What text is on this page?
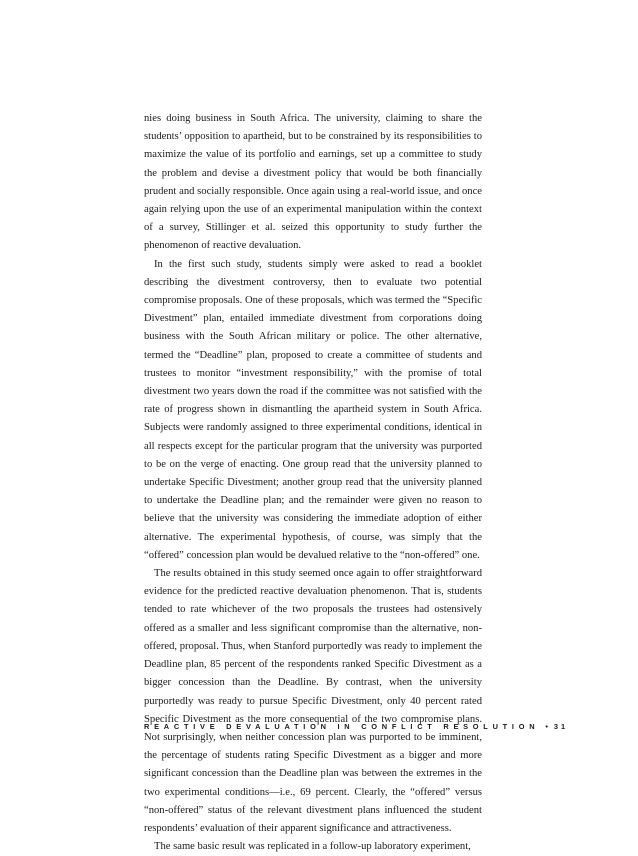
nies doing business in South Africa. The university, claiming to share the students’ opposition to apartheid, but to be constrained by its responsibilities to maximize the value of its portfolio and earnings, set up a committee to study the problem and devise a divestment policy that would be both financially prudent and socially responsible. Once again using a real-world issue, and once again relying upon the use of an experimental manipulation within the context of a survey, Stillinger et al. seized this opportunity to study further the phenomenon of reactive devaluation.

In the first such study, students simply were asked to read a booklet describing the divestment controversy, then to evaluate two potential compromise proposals. One of these proposals, which was termed the “Specific Divestment” plan, entailed immediate divestment from corporations doing business with the South African military or police. The other alternative, termed the “Deadline” plan, proposed to create a committee of students and trustees to monitor “investment responsibility,” with the promise of total divestment two years down the road if the committee was not satisfied with the rate of progress shown in dismantling the apartheid system in South Africa. Subjects were randomly assigned to three experimental conditions, identical in all respects except for the particular program that the university was purported to be on the verge of enacting. One group read that the university planned to undertake Specific Divestment; another group read that the university planned to undertake the Deadline plan; and the remainder were given no reason to believe that the university was considering the immediate adoption of either alternative. The experimental hypothesis, of course, was simply that the “offered” concession plan would be devalued relative to the “non-offered” one.

The results obtained in this study seemed once again to offer straightforward evidence for the predicted reactive devaluation phenomenon. That is, students tended to rate whichever of the two proposals the trustees had ostensively offered as a smaller and less significant compromise than the alternative, non-offered, proposal. Thus, when Stanford purportedly was ready to implement the Deadline plan, 85 percent of the respondents ranked Specific Divestment as a bigger concession than the Deadline. By contrast, when the university purportedly was ready to pursue Specific Divestment, only 40 percent rated Specific Divestment as the more consequential of the two compromise plans. Not surprisingly, when neither concession plan was purported to be imminent, the percentage of students rating Specific Divestment as a bigger and more significant concession than the Deadline plan was between the extremes in the two experimental conditions—i.e., 69 percent. Clearly, the “offered” versus “non-offered” status of the relevant divestment plans influenced the student respondents’ evaluation of their apparent significance and attractiveness.

The same basic result was replicated in a follow-up laboratory experiment,

REACTIVE DEVALUATION IN CONFLICT RESOLUTION • 31
